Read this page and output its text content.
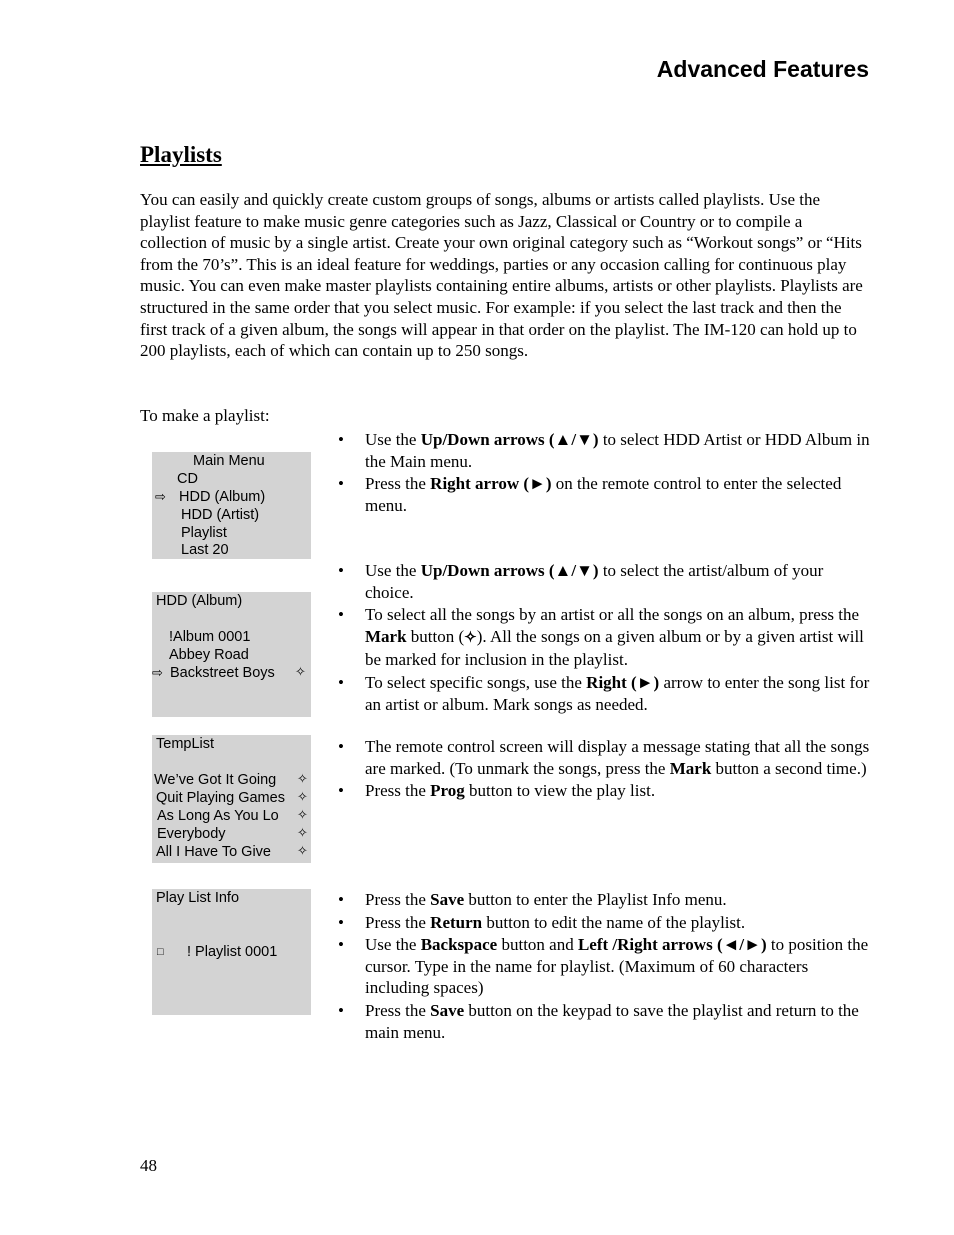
Advanced Features
Playlists

You can easily and quickly create custom groups of songs, albums or artists called playlists. Use the playlist feature to make music genre categories such as Jazz, Classical or Country or to compile a collection of music by a single artist. Create your own original category such as “Workout songs” or “Hits from the 70’s”. This is an ideal feature for weddings, parties or any occasion calling for continuous play music. You can even make master playlists containing entire albums, artists or other playlists. Playlists are structured in the same order that you select music. For example: if you select the last track and then the first track of a given album, the songs will appear in that order on the playlist. The IM-120 can hold up to 200 playlists, each of which can contain up to 250 songs.

To make a playlist:
Main Menu
CD
⇨ HDD (Album)
HDD (Artist)
Playlist
Last 20
HDD (Album)
!Album 0001
Abbey Road
⇨ Backstreet Boys ✧
TempList
We’ve Got It Going ✧
Quit Playing Games ✧
As Long As You Lo ✧
Everybody	✧
All I Have To Give ✧
Play List Info
□ ! Playlist 0001
• Use the Up/Down arrows (▲/▼) to select HDD Artist or HDD Album in the Main menu.
• Press the Right arrow (►) on the remote control to enter the selected menu.
• Use the Up/Down arrows (▲/▼) to select the artist/album of your choice.
• To select all the songs by an artist or all the songs on an album, press the Mark button (✧). All the songs on a given album or by a given artist will be marked for inclusion in the playlist.
• To select specific songs, use the Right (►) arrow to enter the song list for an artist or album. Mark songs as needed.
• The remote control screen will display a message stating that all the songs are marked. (To unmark the songs, press the Mark button a second time.)
• Press the Prog button to view the play list.
• Press the Save button to enter the Playlist Info menu.
• Press the Return button to edit the name of the playlist.
• Use the Backspace button and Left /Right arrows (◄/►) to position the cursor. Type in the name for playlist. (Maximum of 60 characters including spaces)
• Press the Save button on the keypad to save the playlist and return to the main menu.
48
